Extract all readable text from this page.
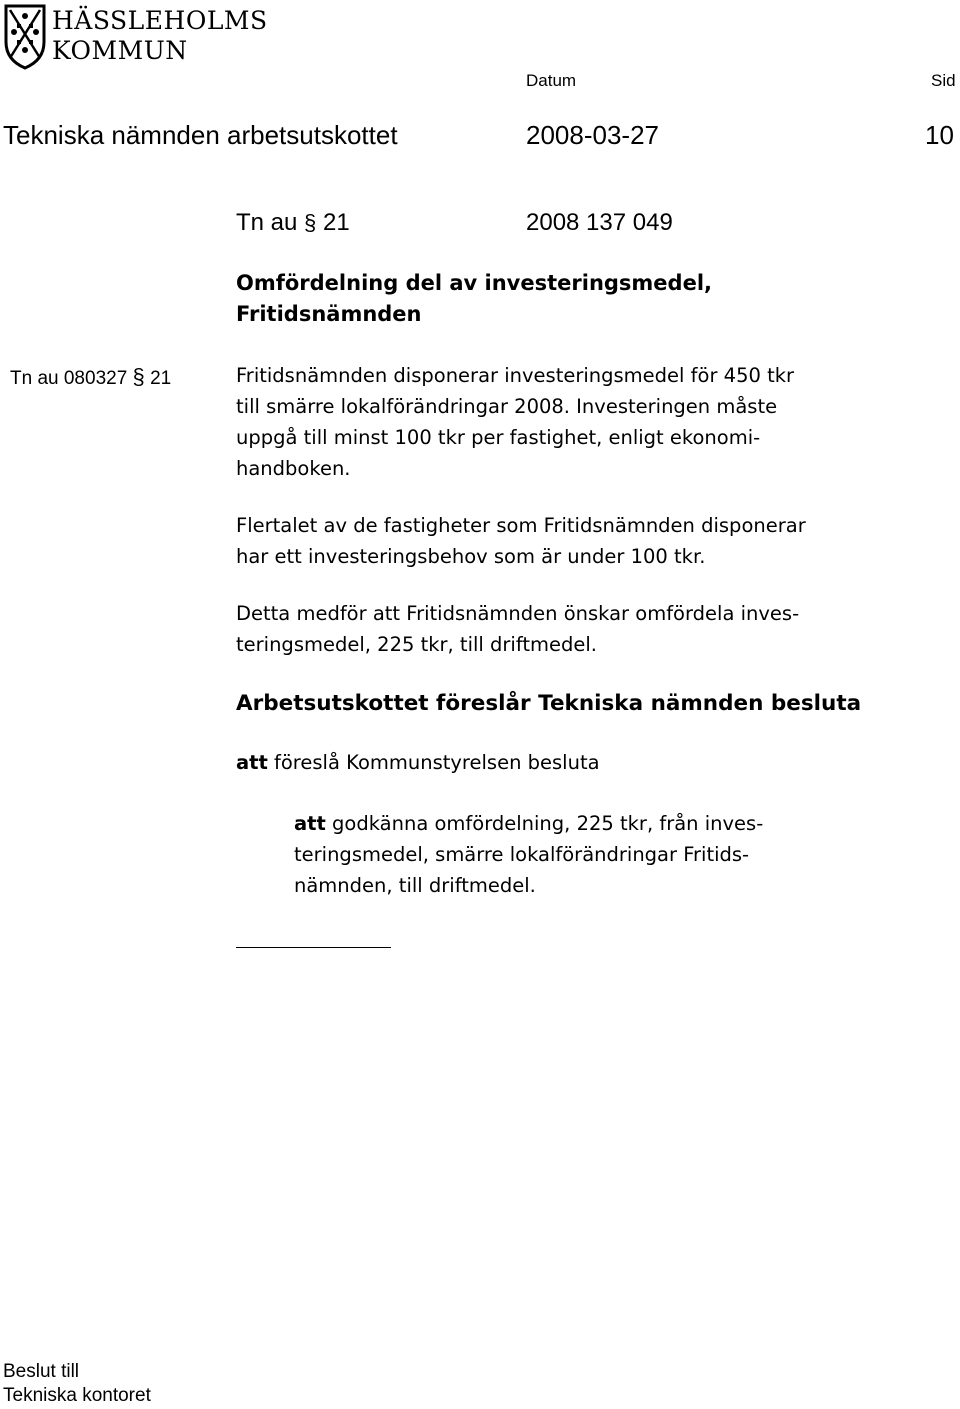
HÄSSLEHOLMS
KOMMUN
Datum	Sid
Tekniska nämnden arbetsutskottet	2008-03-27	10
Tn au § 21	2008 137 049
Omfördelning del av investeringsmedel,
Fritidsnämnden
Tn au 080327 § 21	Fritidsnämnden disponerar investeringsmedel för 450 tkr
till smärre lokalförändringar 2008. Investeringen måste
uppgå till minst 100 tkr per fastighet, enligt ekonomi-
handboken.
Flertalet av de fastigheter som Fritidsnämnden disponerar
har ett investeringsbehov som är under 100 tkr.
Detta medför att Fritidsnämnden önskar omfördela inves-
teringsmedel, 225 tkr, till driftmedel.
Arbetsutskottet föreslår Tekniska nämnden besluta
att föreslå Kommunstyrelsen besluta
att godkänna omfördelning, 225 tkr, från inves-
teringsmedel, smärre lokalförändringar Fritids-
nämnden, till driftmedel.
Beslut till
Tekniska kontoret
